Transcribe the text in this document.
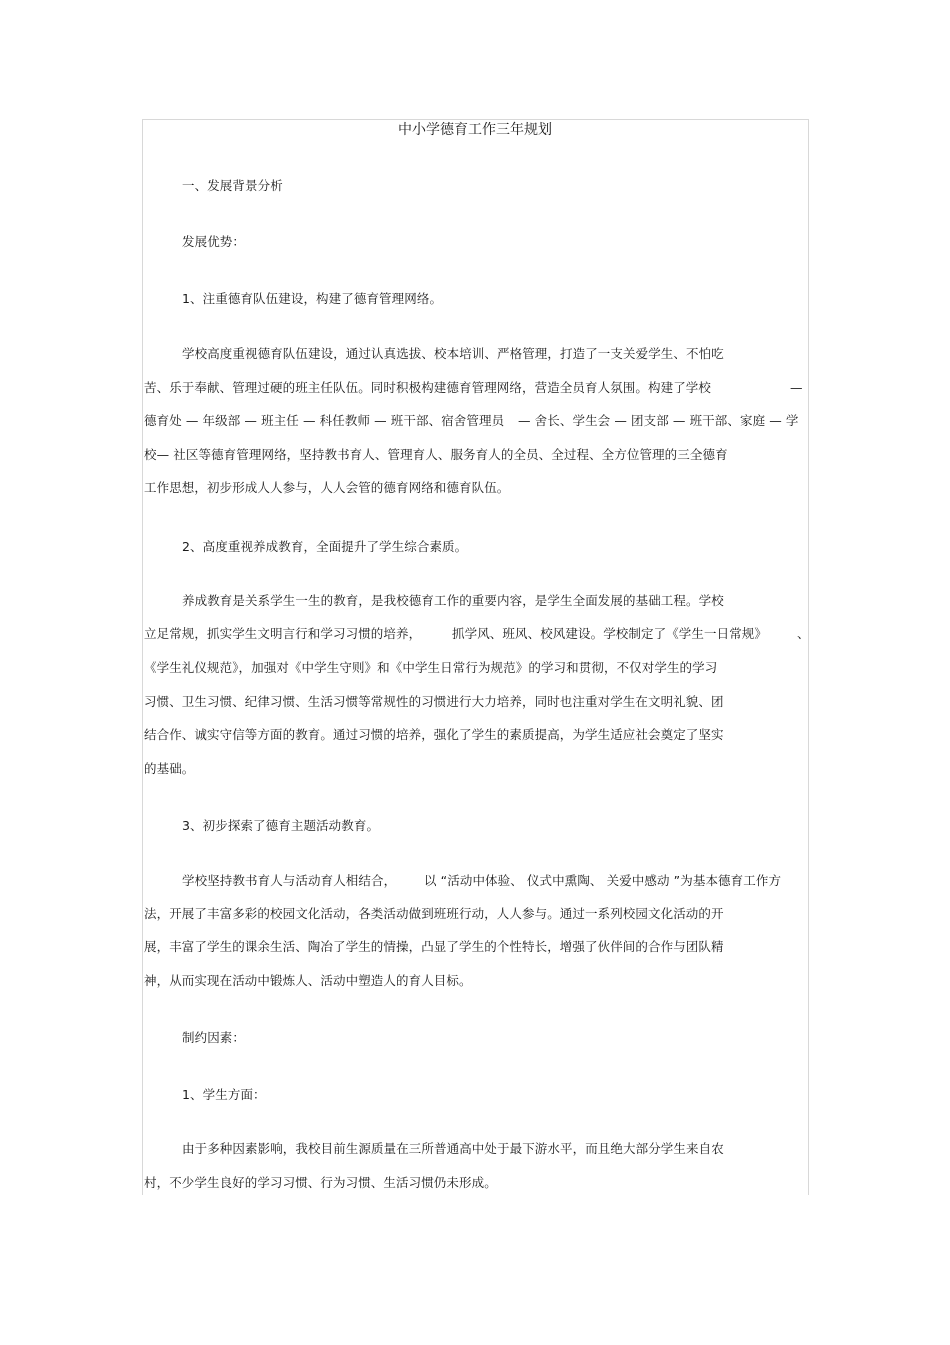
中小学德育工作三年规划
一、发展背景分析
发展优势：
1、注重德育队伍建设，构建了德育管理网络。
学校高度重视德育队伍建设，通过认真选拔、校本培训、严格管理，打造了一支关爱学生、不怕吃
苦、乐于奉献、管理过硬的班主任队伍。同时积极构建德育管理网络，营造全员育人氛围。构建了学校	—
德育处 — 年级部 — 班主任 — 科任教师 — 班干部、宿舍管理员 — 舍长、学生会 — 团支部 — 班干部、家庭 — 学
校— 社区等德育管理网络，坚持教书育人、管理育人、服务育人的全员、全过程、全方位管理的三全德育
工作思想，初步形成人人参与，人人会管的德育网络和德育队伍。
2、高度重视养成教育，全面提升了学生综合素质。
养成教育是关系学生一生的教育，是我校德育工作的重要内容，是学生全面发展的基础工程。学校
立足常规，抓实学生文明言行和学习习惯的培养， 抓学风、班风、校风建设。学校制定了《学生一日常规》 、
《学生礼仪规范》，加强对《中学生守则》和《中学生日常行为规范》的学习和贯彻，不仅对学生的学习
习惯、卫生习惯、纪律习惯、生活习惯等常规性的习惯进行大力培养，同时也注重对学生在文明礼貌、团
结合作、诚实守信等方面的教育。通过习惯的培养，强化了学生的素质提高，为学生适应社会奠定了坚实
的基础。
3、初步探索了德育主题活动教育。
学校坚持教书育人与活动育人相结合， 以 “活动中体验、 仪式中熏陶、 关爱中感动 ”为基本德育工作方
法，开展了丰富多彩的校园文化活动，各类活动做到班班行动，人人参与。通过一系列校园文化活动的开
展，丰富了学生的课余生活、陶冶了学生的情操，凸显了学生的个性特长，增强了伙伴间的合作与团队精
神，从而实现在活动中锻炼人、活动中塑造人的育人目标。
制约因素：
1、学生方面：
由于多种因素影响，我校目前生源质量在三所普通高中处于最下游水平，而且绝大部分学生来自农
村，不少学生良好的学习习惯、行为习惯、生活习惯仍未形成。
